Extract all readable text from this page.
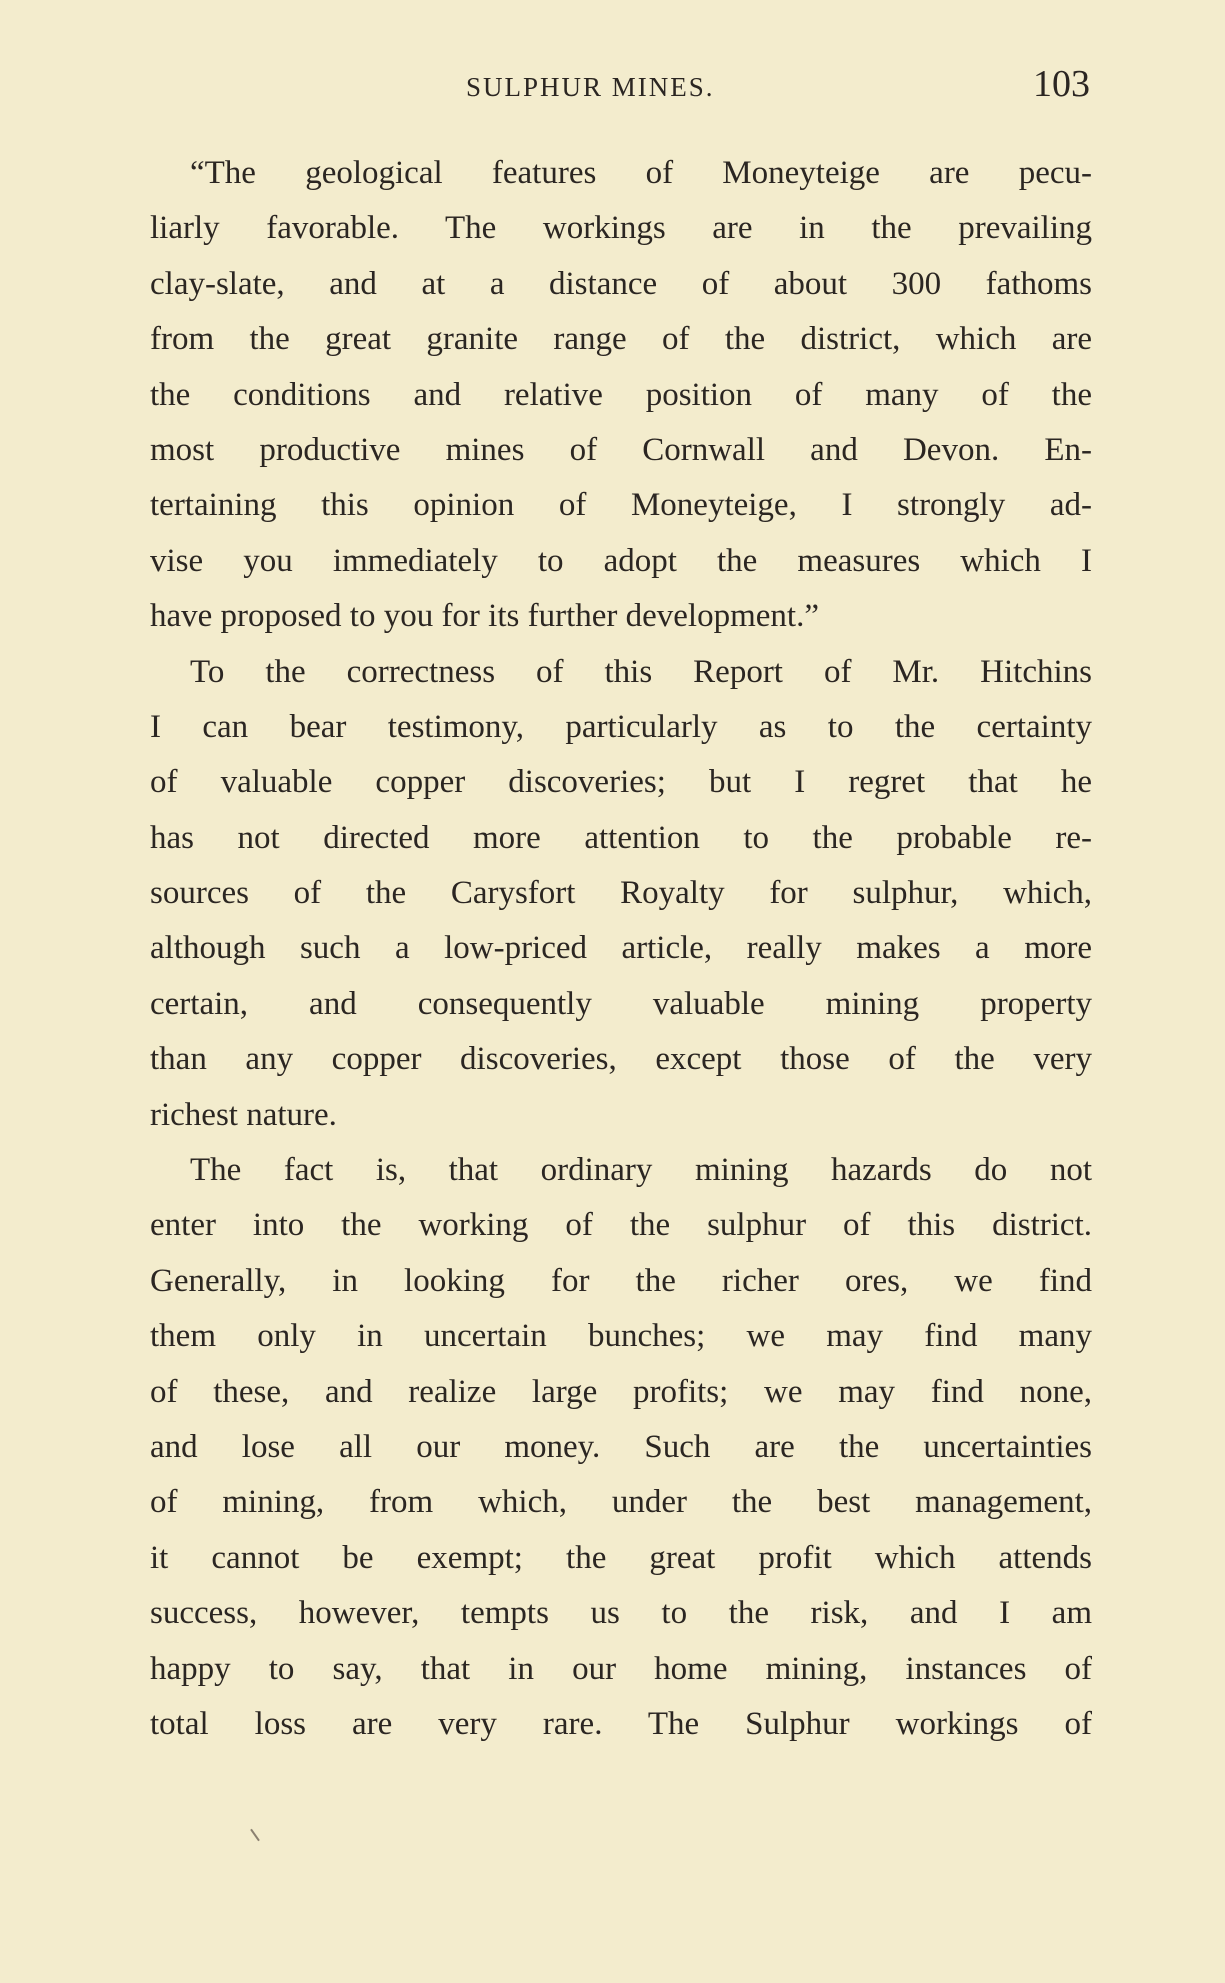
SULPHUR MINES.	103
“The geological features of Moneyteige are pecu-
liarly favorable. The workings are in the prevailing
clay-slate, and at a distance of about 300 fathoms
from the great granite range of the district, which are
the conditions and relative position of many of the
most productive mines of Cornwall and Devon. En-
tertaining this opinion of Moneyteige, I strongly ad-
vise you immediately to adopt the measures which I
have proposed to you for its further development.”
To the correctness of this Report of Mr. Hitchins
I can bear testimony, particularly as to the certainty
of valuable copper discoveries; but I regret that he
has not directed more attention to the probable re-
sources of the Carysfort Royalty for sulphur, which,
although such a low-priced article, really makes a more
certain, and consequently valuable mining property
than any copper discoveries, except those of the very
richest nature.
The fact is, that ordinary mining hazards do not
enter into the working of the sulphur of this district.
Generally, in looking for the richer ores, we find
them only in uncertain bunches; we may find many
of these, and realize large profits; we may find none,
and lose all our money. Such are the uncertainties
of mining, from which, under the best management,
it cannot be exempt; the great profit which attends
success, however, tempts us to the risk, and I am
happy to say, that in our home mining, instances of
total loss are very rare. The Sulphur workings of
